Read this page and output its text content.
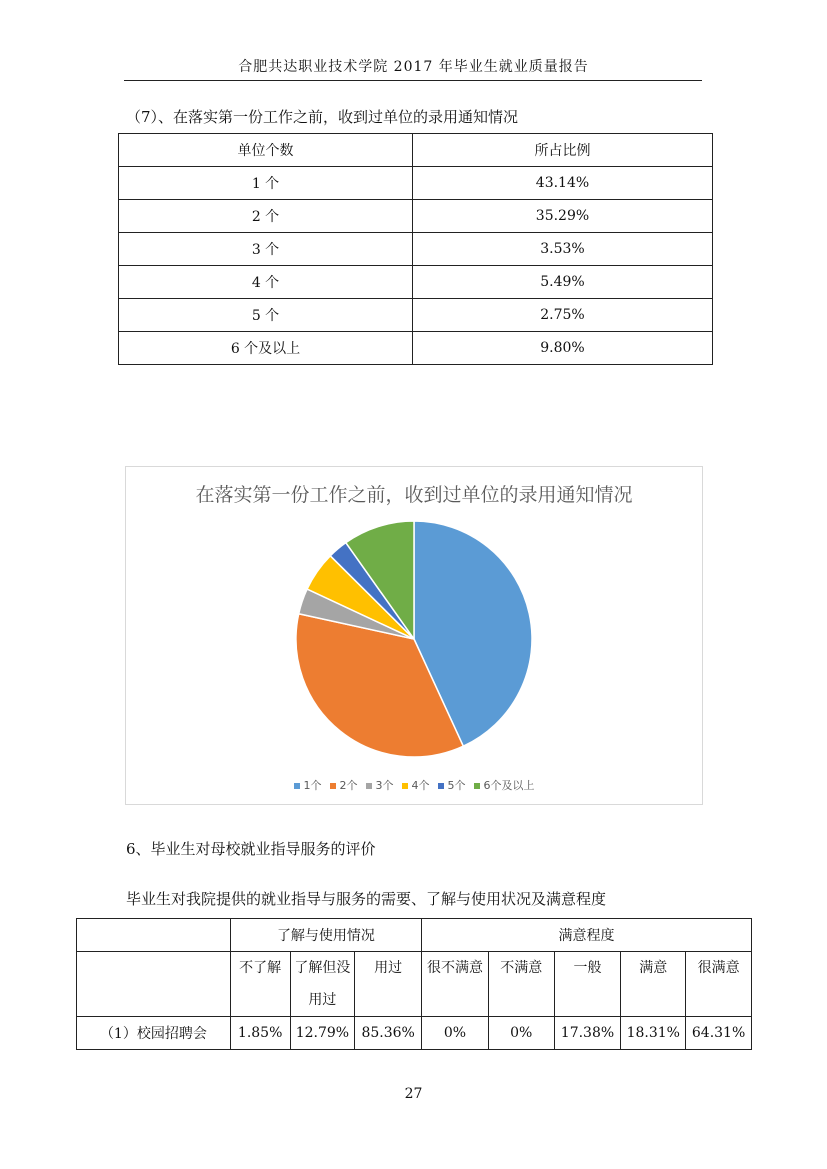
合肥共达职业技术学院 2017 年毕业生就业质量报告
（7）、在落实第一份工作之前，收到过单位的录用通知情况
单位个数	所占比例
1 个	43.14%
2 个	35.29%
3 个	3.53%
4 个	5.49%
5 个	2.75%
6 个及以上	9.80%
在落实第一份工作之前，收到过单位的录用通知情况
1个 2个 3个 4个 5个 6个及以上
6、毕业生对母校就业指导服务的评价
毕业生对我院提供的就业指导与服务的需要、了解与使用状况及满意程度
	了解与使用情况			满意程度				
	不了解	了解但没用过	用过	很不满意	不满意	一般	满意	很满意
（1）校园招聘会	1.85%	12.79%	85.36%	0%	0%	17.38%	18.31%	64.31%
27
